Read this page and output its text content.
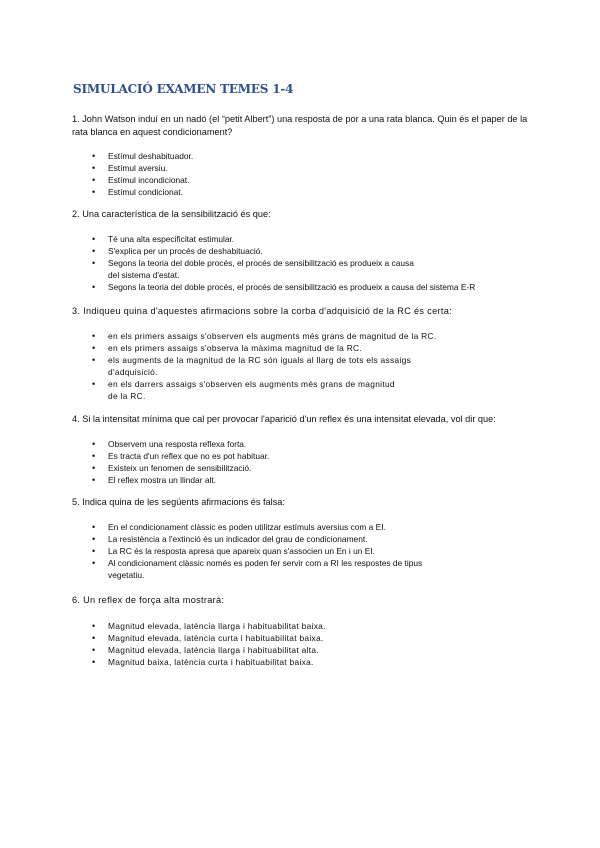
SIMULACIÓ EXAMEN TEMES 1-4

1. John Watson induí en un nadó (el “petit Albert”) una resposta de por a una rata blanca. Quin és el paper de la rata blanca en aquest condicionament?

• Estímul deshabituador.
• Estímul aversiu.
• Estímul incondicionat.
• Estímul condicionat.

2. Una característica de la sensibilització és que:

• Té una alta especificitat estimular.
• S'explica per un procés de deshabituació.
• Segons la teoria del doble procés, el procés de sensibilització es produeix a causa del sistema d'estat.
• Segons la teoria del doble procés, el procés de sensibilització es produeix a causa del sistema E-R

3. Indiqueu quina d'aquestes afirmacions sobre la corba d'adquisició de la RC és certa:

• en els primers assaigs s'observen els augments més grans de magnitud de la RC.
• en els primers assaigs s'observa la màxima magnitud de la RC.
• els augments de la magnitud de la RC són iguals al llarg de tots els assaigs d'adquisició.
• en els darrers assaigs s'observen els augments més grans de magnitud de la RC.

4. Si la intensitat mínima que cal per provocar l'aparició d'un reflex és una intensitat elevada, vol dir que:

• Observem una resposta reflexa forta.
• Es tracta d'un reflex que no es pot habituar.
• Existeix un fenomen de sensibilització.
• El reflex mostra un llindar alt.

5. Indica quina de les següents afirmacions és falsa:

• En el condicionament clàssic es poden utilitzar estímuls aversius com a EI.
• La resistència a l'extinció és un indicador del grau de condicionament.
• La RC és la resposta apresa que apareix quan s'associen un En i un EI.
• Al condicionament clàssic només es poden fer servir com a RI les respostes de tipus vegetatiu.

6. Un reflex de força alta mostrarà:

• Magnitud elevada, latència llarga i habituabilitat baixa.
• Magnitud elevada, latència curta i habituabilitat baixa.
• Magnitud elevada, latència llarga i habituabilitat alta.
• Magnitud baixa, latència curta i habituabilitat baixa.
